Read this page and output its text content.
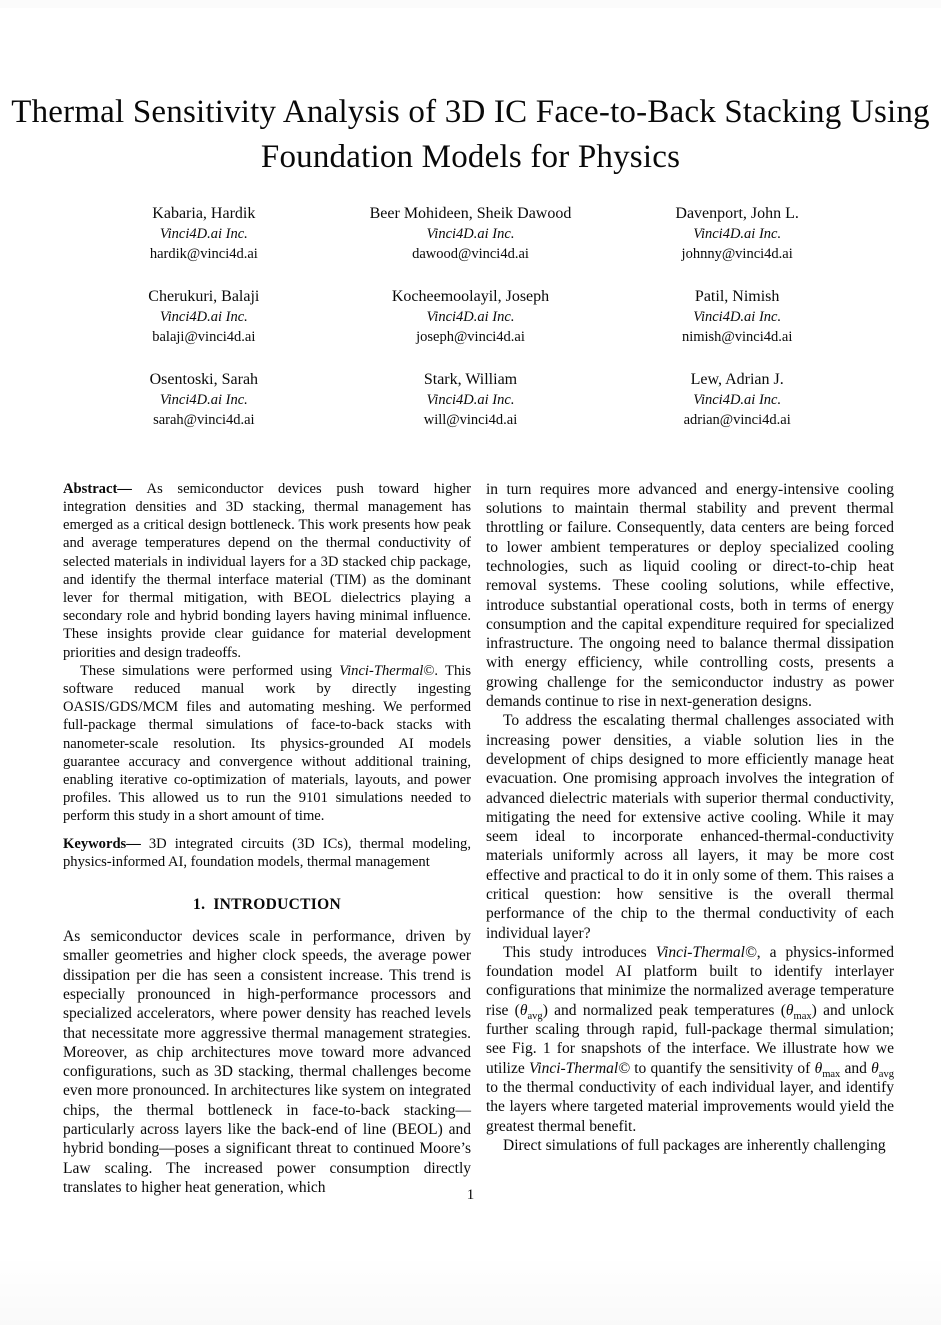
Thermal Sensitivity Analysis of 3D IC Face-to-Back Stacking Using Foundation Models for Physics
Kabaria, Hardik
Vinci4D.ai Inc.
hardik@vinci4d.ai
Beer Mohideen, Sheik Dawood
Vinci4D.ai Inc.
dawood@vinci4d.ai
Davenport, John L.
Vinci4D.ai Inc.
johnny@vinci4d.ai
Cherukuri, Balaji
Vinci4D.ai Inc.
balaji@vinci4d.ai
Kocheemoolayil, Joseph
Vinci4D.ai Inc.
joseph@vinci4d.ai
Patil, Nimish
Vinci4D.ai Inc.
nimish@vinci4d.ai
Osentoski, Sarah
Vinci4D.ai Inc.
sarah@vinci4d.ai
Stark, William
Vinci4D.ai Inc.
will@vinci4d.ai
Lew, Adrian J.
Vinci4D.ai Inc.
adrian@vinci4d.ai

Abstract— As semiconductor devices push toward higher integration densities and 3D stacking, thermal management has emerged as a critical design bottleneck. This work presents how peak and average temperatures depend on the thermal conductivity of selected materials in individual layers for a 3D stacked chip package, and identify the thermal interface material (TIM) as the dominant lever for thermal mitigation, with BEOL dielectrics playing a secondary role and hybrid bonding layers having minimal influence. These insights provide clear guidance for material development priorities and design tradeoffs.

These simulations were performed using Vinci-Thermal©. This software reduced manual work by directly ingesting OASIS/GDS/MCM files and automating meshing. We performed full-package thermal simulations of face-to-back stacks with nanometer-scale resolution. Its physics-grounded AI models guarantee accuracy and convergence without additional training, enabling iterative co-optimization of materials, layouts, and power profiles. This allowed us to run the 9101 simulations needed to perform this study in a short amount of time.

Keywords— 3D integrated circuits (3D ICs), thermal modeling, physics-informed AI, foundation models, thermal management

1. INTRODUCTION

As semiconductor devices scale in performance, driven by smaller geometries and higher clock speeds, the average power dissipation per die has seen a consistent increase. This trend is especially pronounced in high-performance processors and specialized accelerators, where power density has reached levels that necessitate more aggressive thermal management strategies. Moreover, as chip architectures move toward more advanced configurations, such as 3D stacking, thermal challenges become even more pronounced. In architectures like system on integrated chips, the thermal bottleneck in face-to-back stacking—particularly across layers like the back-end of line (BEOL) and hybrid bonding—poses a significant threat to continued Moore’s Law scaling. The increased power consumption directly translates to higher heat generation, which

in turn requires more advanced and energy-intensive cooling solutions to maintain thermal stability and prevent thermal throttling or failure. Consequently, data centers are being forced to lower ambient temperatures or deploy specialized cooling technologies, such as liquid cooling or direct-to-chip heat removal systems. These cooling solutions, while effective, introduce substantial operational costs, both in terms of energy consumption and the capital expenditure required for specialized infrastructure. The ongoing need to balance thermal dissipation with energy efficiency, while controlling costs, presents a growing challenge for the semiconductor industry as power demands continue to rise in next-generation designs.

To address the escalating thermal challenges associated with increasing power densities, a viable solution lies in the development of chips designed to more efficiently manage heat evacuation. One promising approach involves the integration of advanced dielectric materials with superior thermal conductivity, mitigating the need for extensive active cooling. While it may seem ideal to incorporate enhanced-thermal-conductivity materials uniformly across all layers, it may be more cost effective and practical to do it in only some of them. This raises a critical question: how sensitive is the overall thermal performance of the chip to the thermal conductivity of each individual layer?

This study introduces Vinci-Thermal©, a physics-informed foundation model AI platform built to identify interlayer configurations that minimize the normalized average temperature rise $(\theta_{avg})$ and normalized peak temperatures $(\theta_{max})$ and unlock further scaling through rapid, full-package thermal simulation; see Fig. 1 for snapshots of the interface. We illustrate how we utilize Vinci-Thermal© to quantify the sensitivity of $\theta_{max}$ and $\theta_{avg}$ to the thermal conductivity of each individual layer, and identify the layers where targeted material improvements would yield the greatest thermal benefit.

Direct simulations of full packages are inherently challenging

1
